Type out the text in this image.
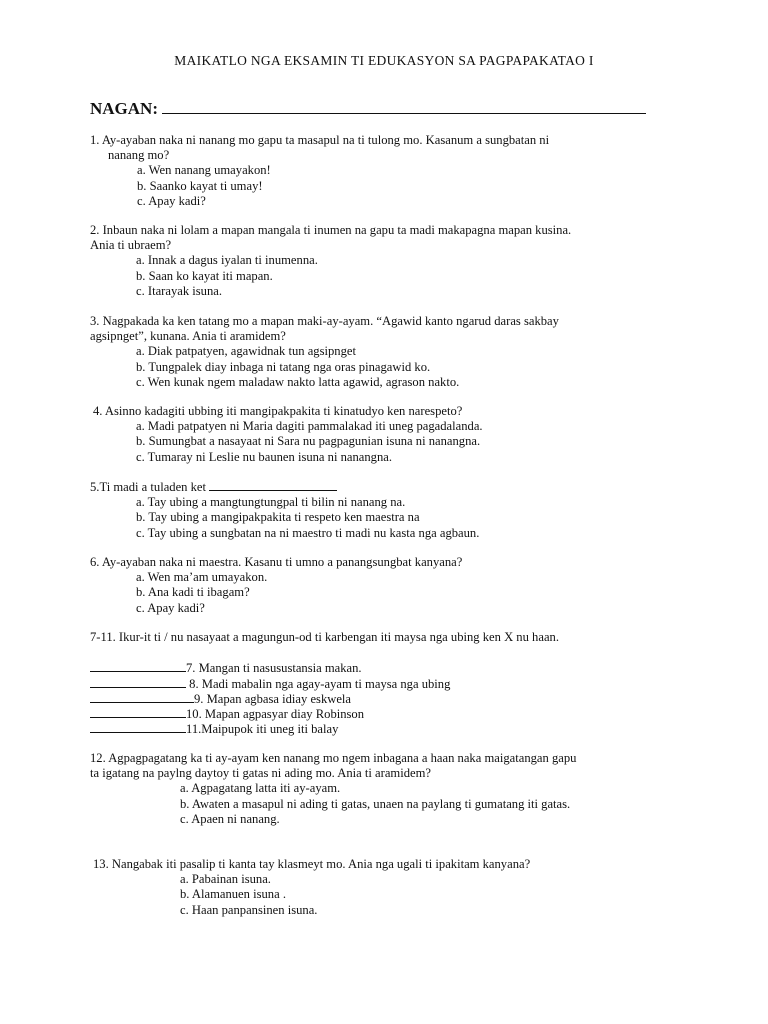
MAIKATLO NGA EKSAMIN TI EDUKASYON SA PAGPAPAKATAO I
NAGAN:
1. Ay-ayaban naka ni nanang mo gapu ta masapul na ti tulong mo. Kasanum a sungbatan ni
nanang mo?
a. Wen nanang umayakon!
b. Saanko kayat ti umay!
c. Apay kadi?
2. Inbaun naka ni lolam a mapan mangala ti inumen na gapu ta madi makapagna mapan kusina.
Ania ti ubraem?
a. Innak a dagus iyalan ti inumenna.
b. Saan ko kayat iti mapan.
c. Itarayak isuna.
3. Nagpakada ka ken tatang mo a mapan maki-ay-ayam. “Agawid kanto ngarud daras sakbay
agsipnget”, kunana. Ania ti aramidem?
a. Diak patpatyen, agawidnak tun agsipnget
b. Tungpalek diay inbaga ni tatang nga oras pinagawid ko.
c. Wen kunak ngem maladaw nakto latta agawid, agrason nakto.
4. Asinno kadagiti ubbing iti mangipakpakita ti kinatudyo ken narespeto?
a. Madi patpatyen ni Maria dagiti pammalakad iti uneg pagadalanda.
b. Sumungbat a nasayaat ni Sara nu pagpagunian isuna ni nanangna.
c. Tumaray ni Leslie nu baunen isuna ni nanangna.
5.Ti madi a tuladen ket
a. Tay ubing a mangtungtungpal ti bilin ni nanang na.
b. Tay ubing a mangipakpakita ti respeto ken maestra na
c. Tay ubing a sungbatan na ni maestro ti madi nu kasta nga agbaun.
6. Ay-ayaban naka ni maestra. Kasanu ti umno a panangsungbat kanyana?
a. Wen ma’am umayakon.
b. Ana kadi ti ibagam?
c. Apay kadi?
7-11. Ikur-it ti / nu nasayaat a magungun-od ti karbengan iti maysa nga ubing ken X nu haan.
7. Mangan ti nasusustansia makan.
8. Madi mabalin nga agay-ayam ti maysa nga ubing
9. Mapan agbasa idiay eskwela
10. Mapan agpasyar diay Robinson
11.Maipupok iti uneg iti balay
12. Agpagpagatang ka ti ay-ayam ken nanang mo ngem inbagana a haan naka maigatangan gapu
ta igatang na paylng daytoy ti gatas ni ading mo. Ania ti aramidem?
a. Agpagatang latta iti ay-ayam.
b. Awaten a masapul ni ading ti gatas, unaen na paylang ti gumatang iti gatas.
c. Apaen ni nanang.
13. Nangabak iti pasalip ti kanta tay klasmeyt mo. Ania nga ugali ti ipakitam kanyana?
a. Pabainan isuna.
b. Alamanuen isuna .
c. Haan panpansinen isuna.
